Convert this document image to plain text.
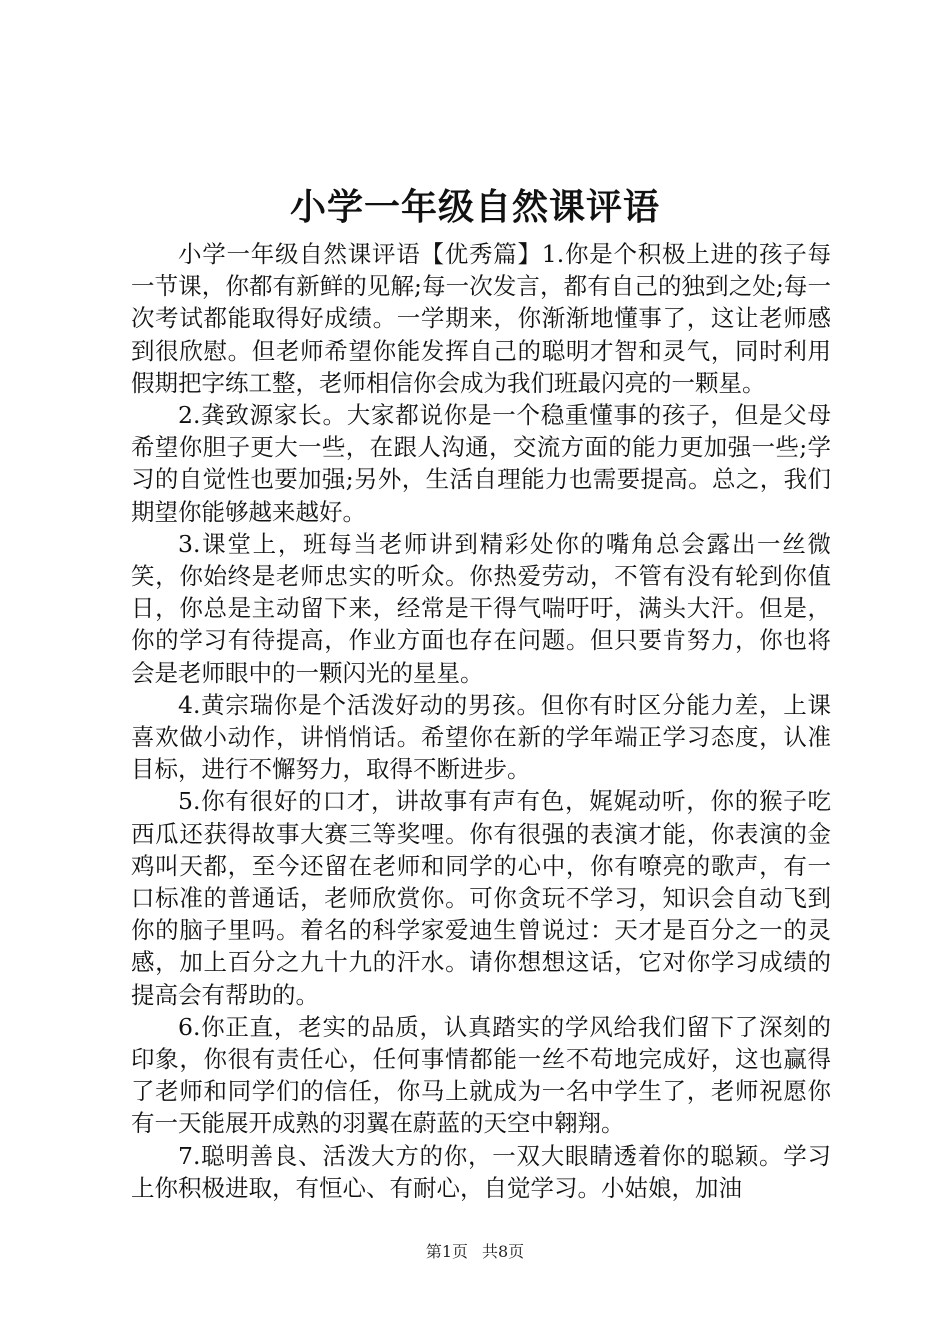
小学一年级自然课评语

小学一年级自然课评语【优秀篇】1.你是个积极上进的孩子每一节课，你都有新鲜的见解;每一次发言，都有自己的独到之处;每一次考试都能取得好成绩。一学期来，你渐渐地懂事了，这让老师感到很欣慰。但老师希望你能发挥自己的聪明才智和灵气，同时利用假期把字练工整，老师相信你会成为我们班最闪亮的一颗星。

2.龚致源家长。大家都说你是一个稳重懂事的孩子，但是父母希望你胆子更大一些，在跟人沟通，交流方面的能力更加强一些;学习的自觉性也要加强;另外，生活自理能力也需要提高。总之，我们期望你能够越来越好。

3.课堂上，班每当老师讲到精彩处你的嘴角总会露出一丝微笑，你始终是老师忠实的听众。你热爱劳动，不管有没有轮到你值日，你总是主动留下来，经常是干得气喘吁吁，满头大汗。但是，你的学习有待提高，作业方面也存在问题。但只要肯努力，你也将会是老师眼中的一颗闪光的星星。

4.黄宗瑞你是个活泼好动的男孩。但你有时区分能力差，上课喜欢做小动作，讲悄悄话。希望你在新的学年端正学习态度，认准目标，进行不懈努力，取得不断进步。

5.你有很好的口才，讲故事有声有色，娓娓动听，你的猴子吃西瓜还获得故事大赛三等奖哩。你有很强的表演才能，你表演的金鸡叫天都，至今还留在老师和同学的心中，你有嘹亮的歌声，有一口标准的普通话，老师欣赏你。可你贪玩不学习，知识会自动飞到你的脑子里吗。着名的科学家爱迪生曾说过：天才是百分之一的灵感，加上百分之九十九的汗水。请你想想这话，它对你学习成绩的提高会有帮助的。

6.你正直，老实的品质，认真踏实的学风给我们留下了深刻的印象，你很有责任心，任何事情都能一丝不苟地完成好，这也赢得了老师和同学们的信任，你马上就成为一名中学生了，老师祝愿你有一天能展开成熟的羽翼在蔚蓝的天空中翱翔。

7.聪明善良、活泼大方的你，一双大眼睛透着你的聪颖。学习上你积极进取，有恒心、有耐心，自觉学习。小姑娘，加油

第1页 共8页
